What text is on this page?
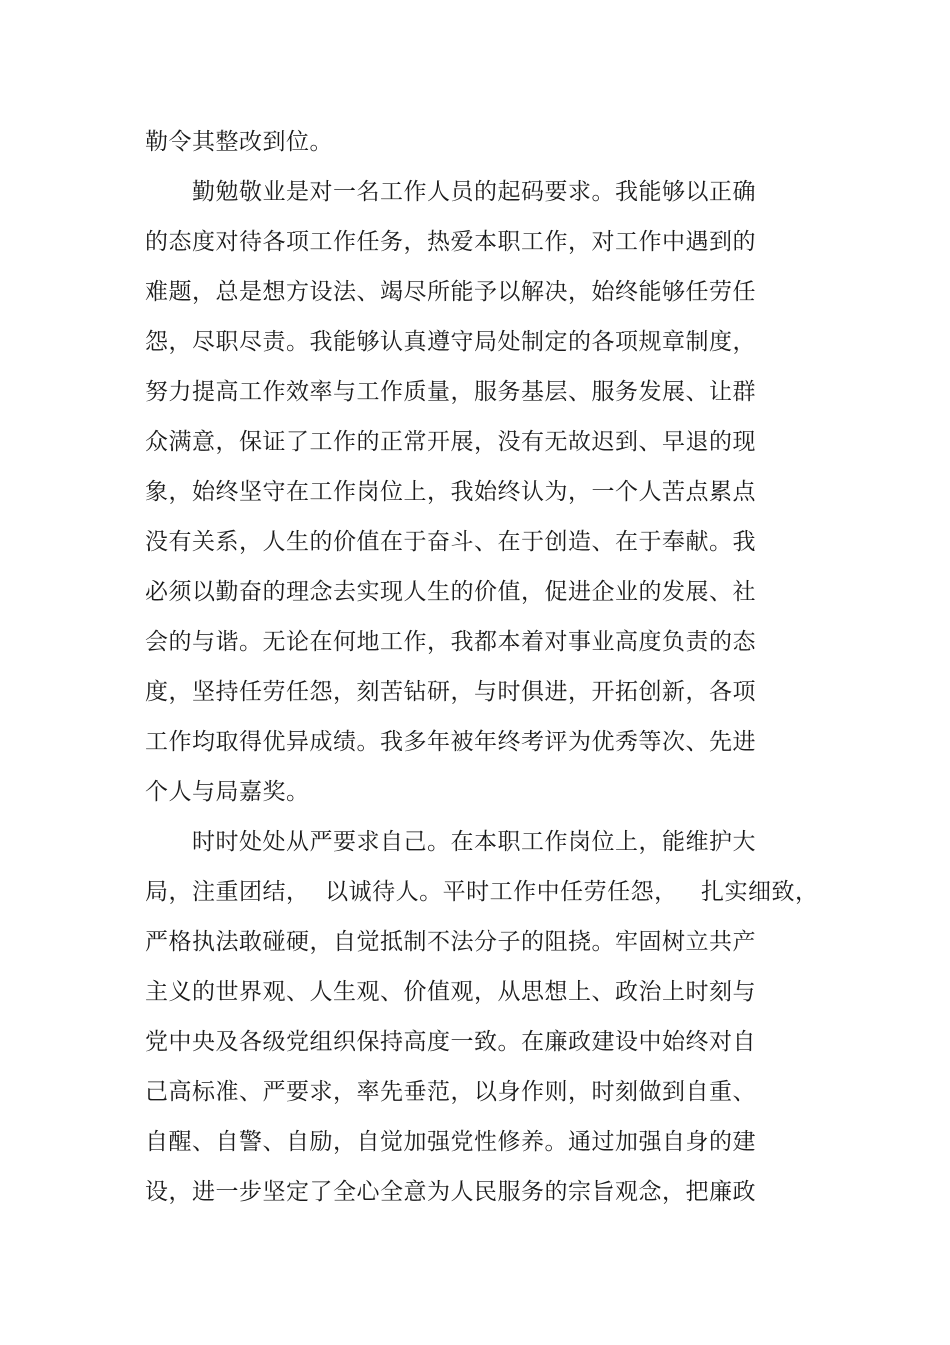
勒令其整改到位。
勤勉敬业是对一名工作人员的起码要求。我能够以正确
的态度对待各项工作任务，热爱本职工作，对工作中遇到的
难题，总是想方设法、竭尽所能予以解决，始终能够任劳任
怨，尽职尽责。我能够认真遵守局处制定的各项规章制度，
努力提高工作效率与工作质量，服务基层、服务发展、让群
众满意，保证了工作的正常开展，没有无故迟到、早退的现
象，始终坚守在工作岗位上，我始终认为，一个人苦点累点
没有关系，人生的价值在于奋斗、在于创造、在于奉献。我
必须以勤奋的理念去实现人生的价值，促进企业的发展、社
会的与谐。无论在何地工作，我都本着对事业高度负责的态
度，坚持任劳任怨，刻苦钻研，与时俱进，开拓创新，各项
工作均取得优异成绩。我多年被年终考评为优秀等次、先进
个人与局嘉奖。
时时处处从严要求自己。在本职工作岗位上，能维护大
局，注重团结，  以诚待人。平时工作中任劳任怨，   扎实细致，
严格执法敢碰硬，自觉抵制不法分子的阻挠。牢固树立共产
主义的世界观、人生观、价值观，从思想上、政治上时刻与
党中央及各级党组织保持高度一致。在廉政建设中始终对自
己高标准、严要求，率先垂范，以身作则，时刻做到自重、
自醒、自警、自励，自觉加强党性修养。通过加强自身的建
设，进一步坚定了全心全意为人民服务的宗旨观念，把廉政
